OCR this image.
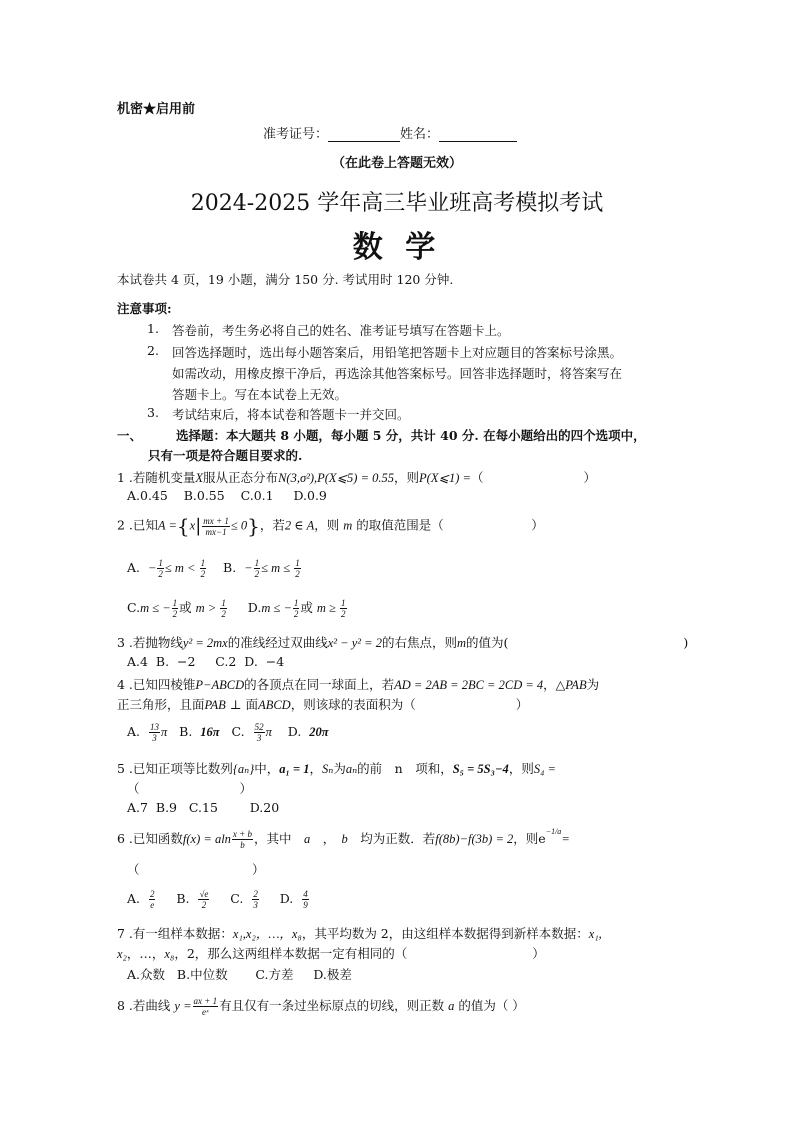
机密★启用前
准考证号：	姓名：
（在此卷上答题无效）
2024-2025 学年高三毕业班高考模拟考试
数 学
本试卷共 4 页，19 小题，满分 150 分. 考试用时 120 分钟.
注意事项:
1. 答卷前，考生务必将自己的姓名、准考证号填写在答题卡上。
2. 回答选择题时，选出每小题答案后，用铅笔把答题卡上对应题目的答案标号涂黑。
如需改动，用橡皮擦干净后，再选涂其他答案标号。回答非选择题时，将答案写在
答题卡上。写在本试卷上无效。
3. 考试结束后，将本试卷和答题卡一并交回。
一、	选择题：本大题共 8 小题，每小题 5 分，共计 40 分. 在每小题给出的四个选项中，
只有一项是符合题目要求的.
1 .若随机变量X服从正态分布N(3,σ²),P(X⩽5) = 0.55，则P(X⩽1) =（　　　　　　　　）
A.0.45    B.0.55    C.0.1     D.0.9
2 .已知$A =\{x| \frac{mx + 1}{mx-1} \le 0\}$，若2 ∈ A，则 m 的取值范围是（　　　　　　　）
A. − $\frac{1}{2} \le m < \frac{1}{2} B$. − $\frac{1}{2} \le m \le \frac{1}{2}$
C.m ≤ − $\frac{1}{2}$ 或 $m > \frac{1}{2} D.m$ ≤ − $\frac{1}{2}$ 或 $m \ge \frac{1}{2}$
3 .若抛物线y² = 2mx的准线经过双曲线x² − y² = 2的右焦点，则m的值为(　　　　　　　　　　　　　　)
A.4  B.  −2     C.2  D.  −4
4 .已知四棱锥P−ABCD的各顶点在同一球面上，若AD = 2AB = 2BC = 2CD = 4，△PAB为
正三角形，且面PAB ⊥ 面ABCD，则该球的表面积为（　　　　　　　　）
A. $\frac{13}{3}$ π B. 16π C. $\frac{52}{3}$ π D. 20π
5 .已知正项等比数列{aₙ}中，a₁ = 1，Sₙ为aₙ的前　n　项和，S₅ = 5S₃−4，则S₄ =
（　　　　　　　　）
A.7  B.9   C.15        D.20
6 .已知函数f(x) = aln $\frac{x + b}{b}$ ，其中　a　，　b　均为正数．若f(8b)−f(3b) = 2，则$e^{-1/a}=$
（　　　　　　　　　）
A. $\frac{2}{e} B$. $\frac{√e}{2} C$. $\frac{2}{3} D$. $\frac{4}{9}$
7 .有一组样本数据：x₁,x₂，…，x₈，其平均数为 2，由这组样本数据得到新样本数据：x₁,
x₂，…，x₈，2，那么这两组样本数据一定有相同的（　　　　　　　　　　）
A.众数   B.中位数       C.方差     D.极差
8 .若曲线 $y = \frac{ax + 1}{\text{eˣ}}$ 有且仅有一条过坐标原点的切线，则正数 a 的值为（ ）
